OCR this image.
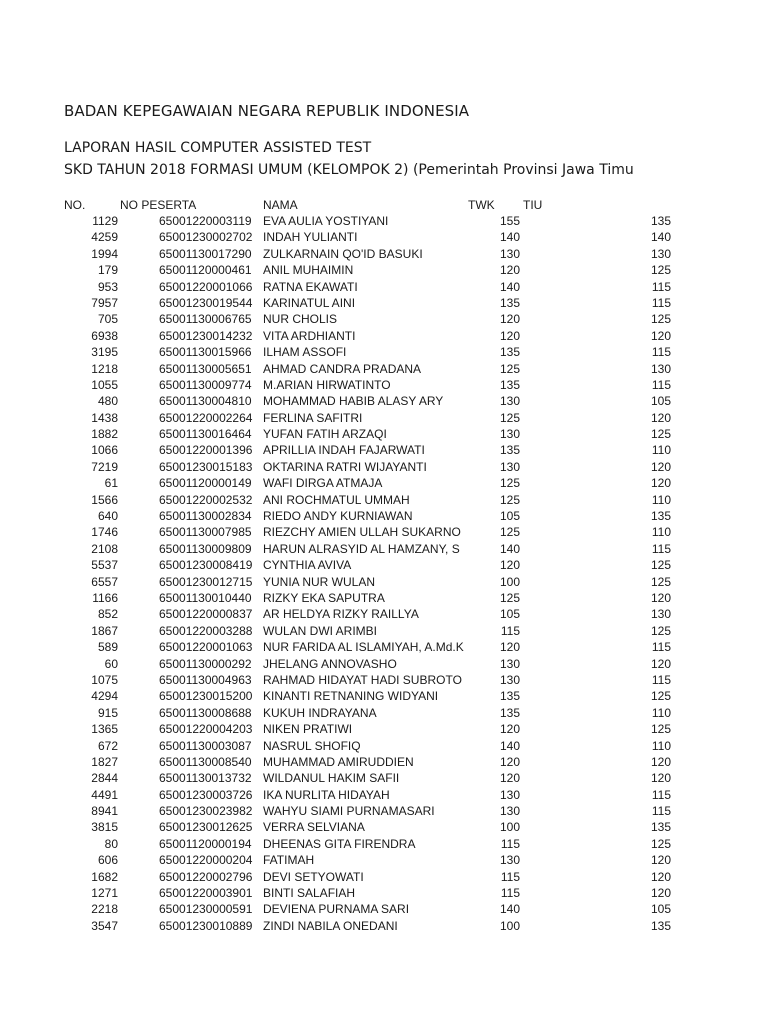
BADAN KEPEGAWAIAN NEGARA REPUBLIK INDONESIA
LAPORAN HASIL COMPUTER ASSISTED TEST
SKD TAHUN 2018 FORMASI UMUM (KELOMPOK 2) (Pemerintah Provinsi Jawa Timu
NO.	NO PESERTA	NAMA	TWK TIU
1129	65001220003119 EVA AULIA YOSTIYANI	155	135
4259	65001230002702 INDAH YULIANTI	140	140
1994	65001130017290 ZULKARNAIN QO'ID BASUKI	130	130
179	65001120000461 ANIL MUHAIMIN	120	125
953	65001220001066 RATNA EKAWATI	140	115
7957	65001230019544 KARINATUL AINI	135	115
705	65001130006765 NUR CHOLIS	120	125
6938	65001230014232 VITA ARDHIANTI	120	120
3195	65001130015966 ILHAM ASSOFI	135	115
1218	65001130005651 AHMAD CANDRA PRADANA	125	130
1055	65001130009774 M.ARIAN HIRWATINTO	135	115
480	65001130004810 MOHAMMAD HABIB ALASY ARY	130	105
1438	65001220002264 FERLINA SAFITRI	125	120
1882	65001130016464 YUFAN FATIH ARZAQI	130	125
1066	65001220001396 APRILLIA INDAH FAJARWATI	135	110
7219	65001230015183 OKTARINA RATRI WIJAYANTI	130	120
61	65001120000149 WAFI DIRGA ATMAJA	125	120
1566	65001220002532 ANI ROCHMATUL UMMAH	125	110
640	65001130002834 RIEDO ANDY KURNIAWAN	105	135
1746	65001130007985 RIEZCHY AMIEN ULLAH SUKARNO	125	110
2108	65001130009809 HARUN ALRASYID AL HAMZANY, S	140	115
5537	65001230008419 CYNTHIA AVIVA	120	125
6557	65001230012715 YUNIA NUR WULAN	100	125
1166	65001130010440 RIZKY EKA SAPUTRA	125	120
852	65001220000837 AR HELDYA RIZKY RAILLYA	105	130
1867	65001220003288 WULAN DWI ARIMBI	115	125
589	65001220001063 NUR FARIDA AL ISLAMIYAH, A.Md.K	120	115
60	65001130000292 JHELANG ANNOVASHO	130	120
1075	65001130004963 RAHMAD HIDAYAT HADI SUBROTO	130	115
4294	65001230015200 KINANTI RETNANING WIDYANI	135	125
915	65001130008688 KUKUH INDRAYANA	135	110
1365	65001220004203 NIKEN PRATIWI	120	125
672	65001130003087 NASRUL SHOFIQ	140	110
1827	65001130008540 MUHAMMAD AMIRUDDIEN	120	120
2844	65001130013732 WILDANUL HAKIM SAFII	120	120
4491	65001230003726 IKA NURLITA HIDAYAH	130	115
8941	65001230023982 WAHYU SIAMI PURNAMASARI	130	115
3815	65001230012625 VERRA SELVIANA	100	135
80	65001120000194 DHEENAS GITA FIRENDRA	115	125
606	65001220000204 FATIMAH	130	120
1682	65001220002796 DEVI SETYOWATI	115	120
1271	65001220003901 BINTI SALAFIAH	115	120
2218	65001230000591 DEVIENA PURNAMA SARI	140	105
3547	65001230010889 ZINDI NABILA ONEDANI	100	135
